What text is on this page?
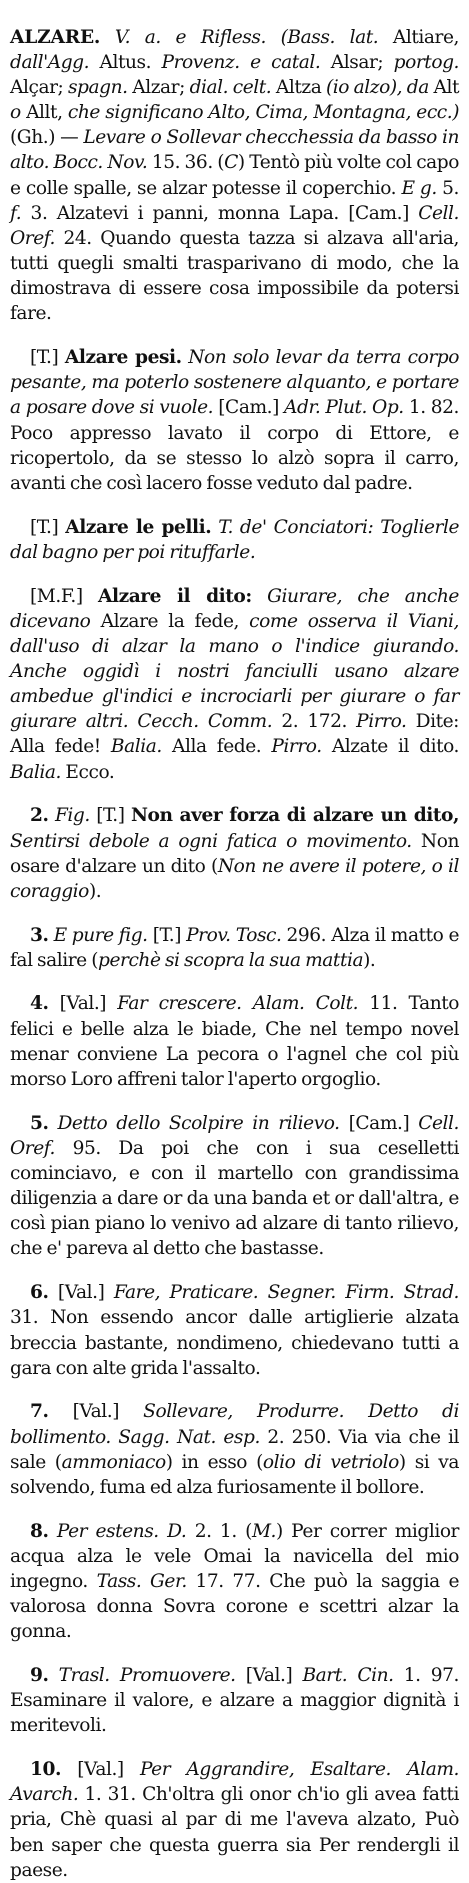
ALZARE. V. a. e Rifless. (Bass. lat. Altiare, dall'Agg. Altus. Provenz. e catal. Alsar; portog. Alçar; spagn. Alzar; dial. celt. Altza (io alzo), da Alt o Allt, che significano Alto, Cima, Montagna, ecc.) (Gh.) — Levare o Sollevar checchessia da basso in alto. Bocc. Nov. 15. 36. (C) Tentò più volte col capo e colle spalle, se alzar potesse il coperchio. E g. 5. f. 3. Alzatevi i panni, monna Lapa. [Cam.] Cell. Oref. 24. Quando questa tazza si alzava all'aria, tutti quegli smalti trasparivano di modo, che la dimostrava di essere cosa impossibile da potersi fare.

[T.] Alzare pesi. Non solo levar da terra corpo pesante, ma poterlo sostenere alquanto, e portare a posare dove si vuole. [Cam.] Adr. Plut. Op. 1. 82. Poco appresso lavato il corpo di Ettore, e ricopertolo, da se stesso lo alzò sopra il carro, avanti che così lacero fosse veduto dal padre.

[T.] Alzare le pelli. T. de' Conciatori: Toglierle dal bagno per poi rituffarle.

[M.F.] Alzare il dito: Giurare, che anche dicevano Alzare la fede, come osserva il Viani, dall'uso di alzar la mano o l'indice giurando. Anche oggidì i nostri fanciulli usano alzare ambedue gl'indici e incrociarli per giurare o far giurare altri. Cecch. Comm. 2. 172. Pirro. Dite: Alla fede! Balia. Alla fede. Pirro. Alzate il dito. Balia. Ecco.

2. Fig. [T.] Non aver forza di alzare un dito, Sentirsi debole a ogni fatica o movimento. Non osare d'alzare un dito (Non ne avere il potere, o il coraggio).

3. E pure fig. [T.] Prov. Tosc. 296. Alza il matto e fal salire (perchè si scopra la sua mattia).

4. [Val.] Far crescere. Alam. Colt. 11. Tanto felici e belle alza le biade, Che nel tempo novel menar conviene La pecora o l'agnel che col più morso Loro affreni talor l'aperto orgoglio.

5. Detto dello Scolpire in rilievo. [Cam.] Cell. Oref. 95. Da poi che con i sua ceselletti cominciavo, e con il martello con grandissima diligenzia a dare or da una banda et or dall'altra, e così pian piano lo venivo ad alzare di tanto rilievo, che e' pareva al detto che bastasse.

6. [Val.] Fare, Praticare. Segner. Firm. Strad. 31. Non essendo ancor dalle artiglierie alzata breccia bastante, nondimeno, chiedevano tutti a gara con alte grida l'assalto.

7. [Val.] Sollevare, Produrre. Detto di bollimento. Sagg. Nat. esp. 2. 250. Via via che il sale (ammoniaco) in esso (olio di vetriolo) si va solvendo, fuma ed alza furiosamente il bollore.

8. Per estens. D. 2. 1. (M.) Per correr miglior acqua alza le vele Omai la navicella del mio ingegno. Tass. Ger. 17. 77. Che può la saggia e valorosa donna Sovra corone e scettri alzar la gonna.

9. Trasl. Promuovere. [Val.] Bart. Cin. 1. 97. Esaminare il valore, e alzare a maggior dignità i meritevoli.

10. [Val.] Per Aggrandire, Esaltare. Alam. Avarch. 1. 31. Ch'oltra gli onor ch'io gli avea fatti pria, Chè quasi al par di me l'aveva alzato, Può ben saper che questa guerra sia Per rendergli il paese.
